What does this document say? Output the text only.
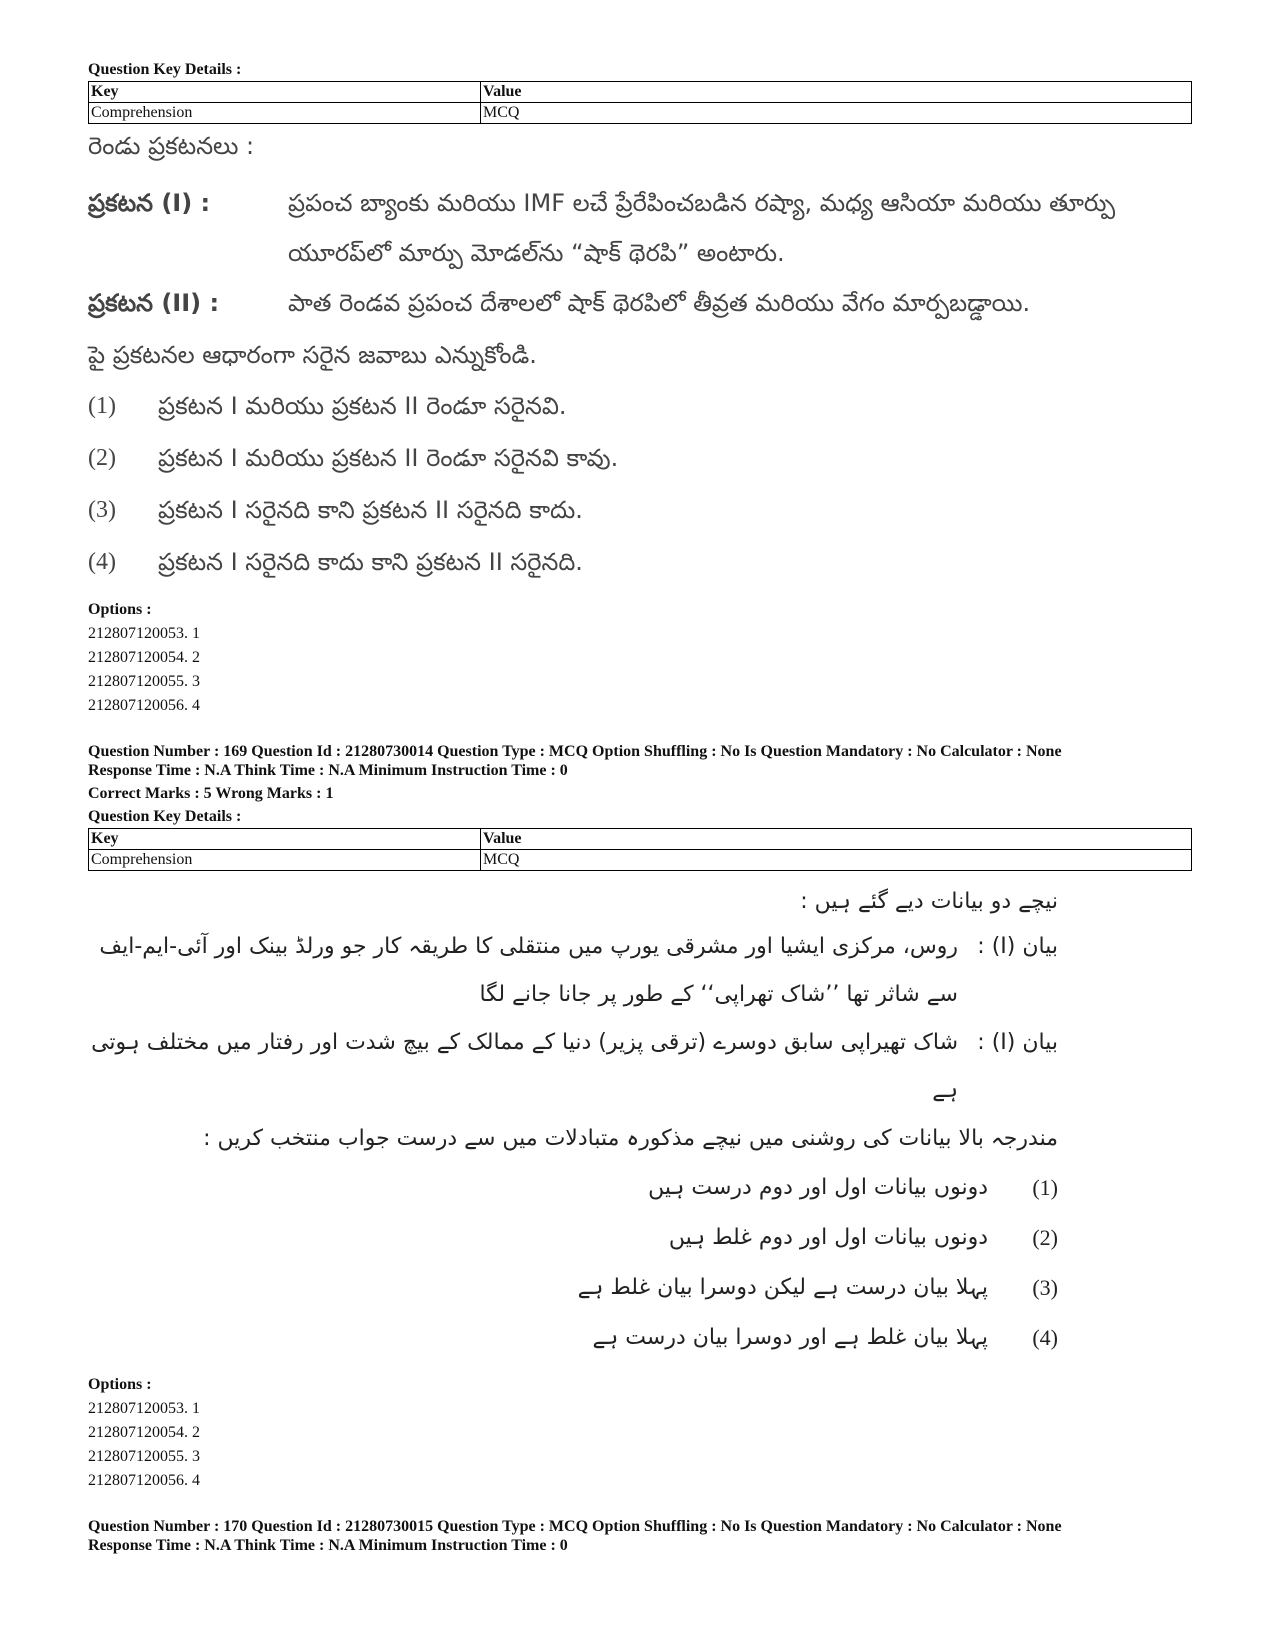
Question Key Details :
Key	Value
Comprehension	MCQ
రెండు ప్రకటనలు :
ప్రకటన (I) :	ప్రపంచ బ్యాంకు మరియు IMF లచే ప్రేరేపించబడిన రష్యా, మధ్య ఆసియా మరియు తూర్పు యూరప్‌లో మార్పు మోడల్‌ను “షాక్ థెరపి” అంటారు.
ప్రకటన (II) :	పాత రెండవ ప్రపంచ దేశాలలో షాక్ థెరపిలో తీవ్రత మరియు వేగం మార్పబడ్డాయి.
పై ప్రకటనల ఆధారంగా సరైన జవాబు ఎన్నుకోండి.
(1)	ప్రకటన I మరియు ప్రకటన II రెండూ సరైనవి.
(2)	ప్రకటన I మరియు ప్రకటన II రెండూ సరైనవి కావు.
(3)	ప్రకటన I సరైనది కాని ప్రకటన II సరైనది కాదు.
(4)	ప్రకటన I సరైనది కాదు కాని ప్రకటన II సరైనది.
Options :
212807120053. 1
212807120054. 2
212807120055. 3
212807120056. 4
Question Number : 169 Question Id : 21280730014 Question Type : MCQ Option Shuffling : No Is Question Mandatory : No Calculator : None
Response Time : N.A Think Time : N.A Minimum Instruction Time : 0
Correct Marks : 5 Wrong Marks : 1
Question Key Details :
Key	Value
Comprehension	MCQ
نیچے دو بیانات دیے گئے ہیں :
بیان (I) :
روس، مرکزی ایشیا اور مشرقی یورپ میں منتقلی کا طریقہ کار جو ورلڈ بینک اور آئی-ایم-ایف سے شاثر تھا ’’شاک تھراپی‘‘ کے طور پر جانا جانے لگا
بیان (I) :
شاک تھیراپی سابق دوسرے (ترقی پزیر) دنیا کے ممالک کے بیچ شدت اور رفتار میں مختلف ہوتی ہے
مندرجہ بالا بیانات کی روشنی میں نیچے مذکورہ متبادلات میں سے درست جواب منتخب کریں :
(1)
دونوں بیانات اول اور دوم درست ہیں
(2)
دونوں بیانات اول اور دوم غلط ہیں
(3)
پہلا بیان درست ہے لیکن دوسرا بیان غلط ہے
(4)
پہلا بیان غلط ہے اور دوسرا بیان درست ہے
Options :
212807120053. 1
212807120054. 2
212807120055. 3
212807120056. 4
Question Number : 170 Question Id : 21280730015 Question Type : MCQ Option Shuffling : No Is Question Mandatory : No Calculator : None
Response Time : N.A Think Time : N.A Minimum Instruction Time : 0
